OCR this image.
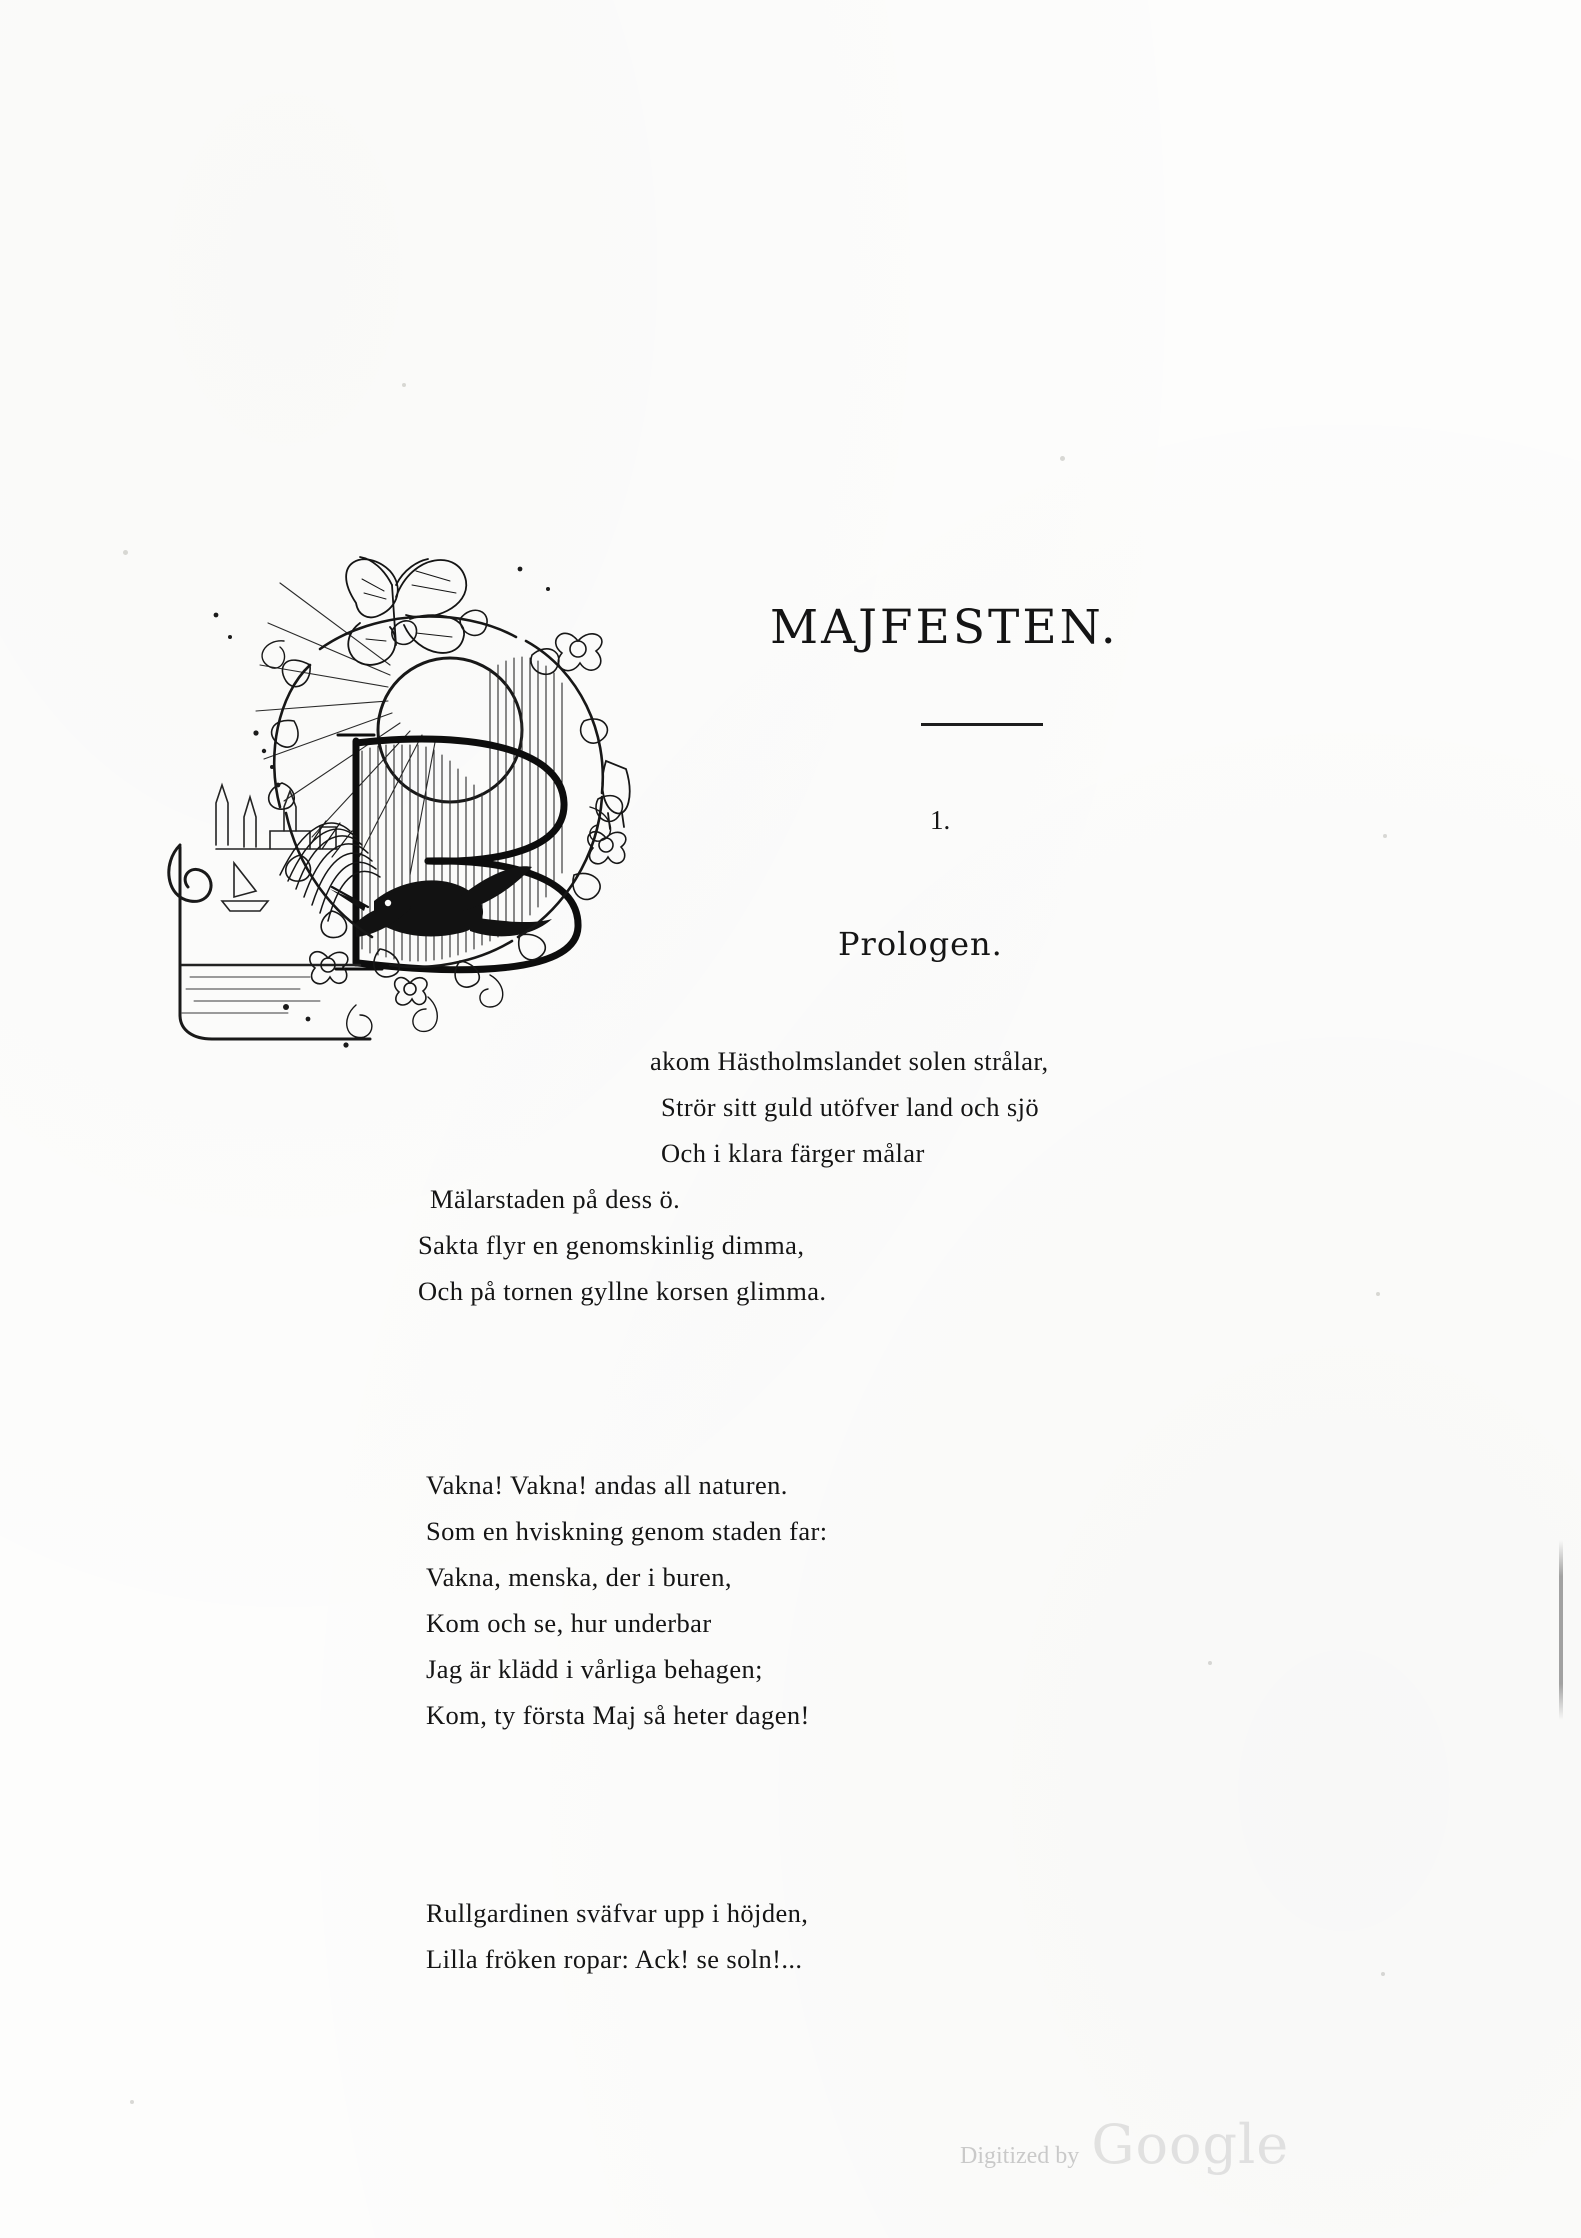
MAJFESTEN.
1.
Prologen.
akom Hästholmslandet solen strålar,
Strör sitt guld utöfver land och sjö
Och i klara färger målar
Mälarstaden på dess ö.
Sakta flyr en genomskinlig dimma,
Och på tornen gyllne korsen glimma.
Vakna! Vakna! andas all naturen.
Som en hviskning genom staden far:
Vakna, menska, der i buren,
Kom och se, hur underbar
Jag är klädd i vårliga behagen;
Kom, ty första Maj så heter dagen!
Rullgardinen sväfvar upp i höjden,
Lilla fröken ropar: Ack! se soln!...
Digitized by Google
